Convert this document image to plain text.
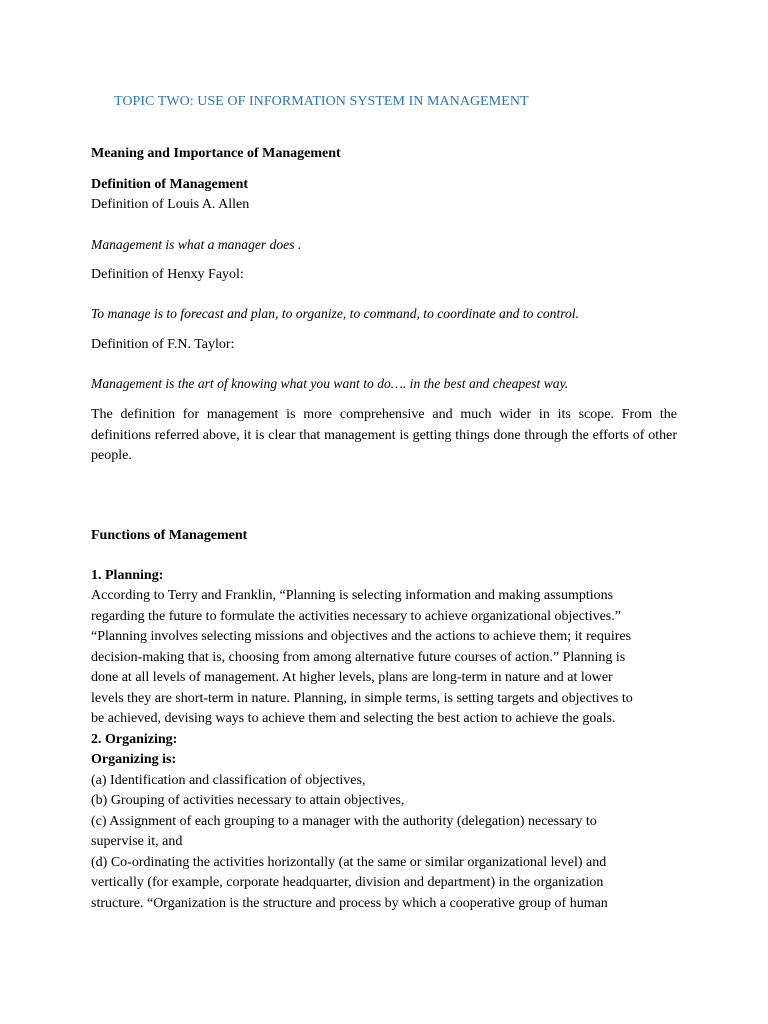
TOPIC TWO: USE OF INFORMATION SYSTEM IN MANAGEMENT
Meaning and Importance of Management
Definition of Management
Definition of Louis A. Allen
Management is what a manager does .
Definition of Henxy Fayol:
To manage is to forecast and plan, to organize, to command, to coordinate and to control.
Definition of F.N. Taylor:
Management is the art of knowing what you want to do…. in the best and cheapest way.
The definition for management is more comprehensive and much wider in its scope. From the definitions referred above, it is clear that management is getting things done through the efforts of other people.
Functions of Management
1. Planning:
According to Terry and Franklin, “Planning is selecting information and making assumptions
regarding the future to formulate the activities necessary to achieve organizational objectives.”
“Planning involves selecting missions and objectives and the actions to achieve them; it requires
decision-making that is, choosing from among alternative future courses of action.” Planning is
done at all levels of management. At higher levels, plans are long-term in nature and at lower
levels they are short-term in nature. Planning, in simple terms, is setting targets and objectives to
be achieved, devising ways to achieve them and selecting the best action to achieve the goals.
2. Organizing:
Organizing is:
(a) Identification and classification of objectives,
(b) Grouping of activities necessary to attain objectives,
(c) Assignment of each grouping to a manager with the authority (delegation) necessary to
supervise it, and
(d) Co-ordinating the activities horizontally (at the same or similar organizational level) and
vertically (for example, corporate headquarter, division and department) in the organization
structure. “Organization is the structure and process by which a cooperative group of human
